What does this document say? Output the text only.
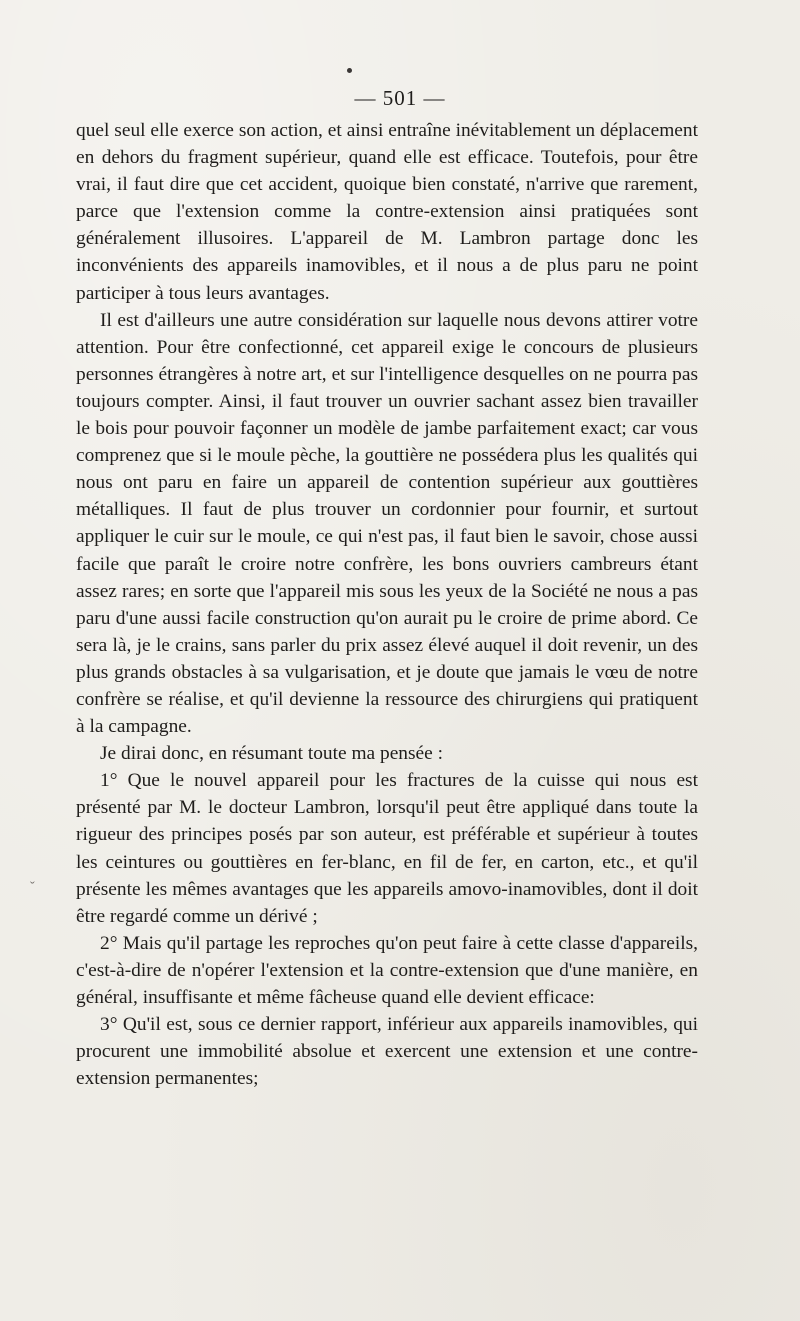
— 501 —

quel seul elle exerce son action, et ainsi entraîne inévitablement un déplacement en dehors du fragment supérieur, quand elle est efficace. Toutefois, pour être vrai, il faut dire que cet accident, quoique bien constaté, n'arrive que rarement, parce que l'extension comme la contre-extension ainsi pratiquées sont généralement illusoires. L'appareil de M. Lambron partage donc les inconvénients des appareils inamovibles, et il nous a de plus paru ne point participer à tous leurs avantages.

Il est d'ailleurs une autre considération sur laquelle nous devons attirer votre attention. Pour être confectionné, cet appareil exige le concours de plusieurs personnes étrangères à notre art, et sur l'intelligence desquelles on ne pourra pas toujours compter. Ainsi, il faut trouver un ouvrier sachant assez bien travailler le bois pour pouvoir façonner un modèle de jambe parfaitement exact; car vous comprenez que si le moule pèche, la gouttière ne possédera plus les qualités qui nous ont paru en faire un appareil de contention supérieur aux gouttières métalliques. Il faut de plus trouver un cordonnier pour fournir, et surtout appliquer le cuir sur le moule, ce qui n'est pas, il faut bien le savoir, chose aussi facile que paraît le croire notre confrère, les bons ouvriers cambreurs étant assez rares; en sorte que l'appareil mis sous les yeux de la Société ne nous a pas paru d'une aussi facile construction qu'on aurait pu le croire de prime abord. Ce sera là, je le crains, sans parler du prix assez élevé auquel il doit revenir, un des plus grands obstacles à sa vulgarisation, et je doute que jamais le vœu de notre confrère se réalise, et qu'il devienne la ressource des chirurgiens qui pratiquent à la campagne.

Je dirai donc, en résumant toute ma pensée :

1° Que le nouvel appareil pour les fractures de la cuisse qui nous est présenté par M. le docteur Lambron, lorsqu'il peut être appliqué dans toute la rigueur des principes posés par son auteur, est préférable et supérieur à toutes les ceintures ou gouttières en fer-blanc, en fil de fer, en carton, etc., et qu'il présente les mêmes avantages que les appareils amovo-inamovibles, dont il doit être regardé comme un dérivé ;

2° Mais qu'il partage les reproches qu'on peut faire à cette classe d'appareils, c'est-à-dire de n'opérer l'extension et la contre-extension que d'une manière, en général, insuffisante et même fâcheuse quand elle devient efficace:

3° Qu'il est, sous ce dernier rapport, inférieur aux appareils inamovibles, qui procurent une immobilité absolue et exercent une extension et une contre-extension permanentes;

ˇ
